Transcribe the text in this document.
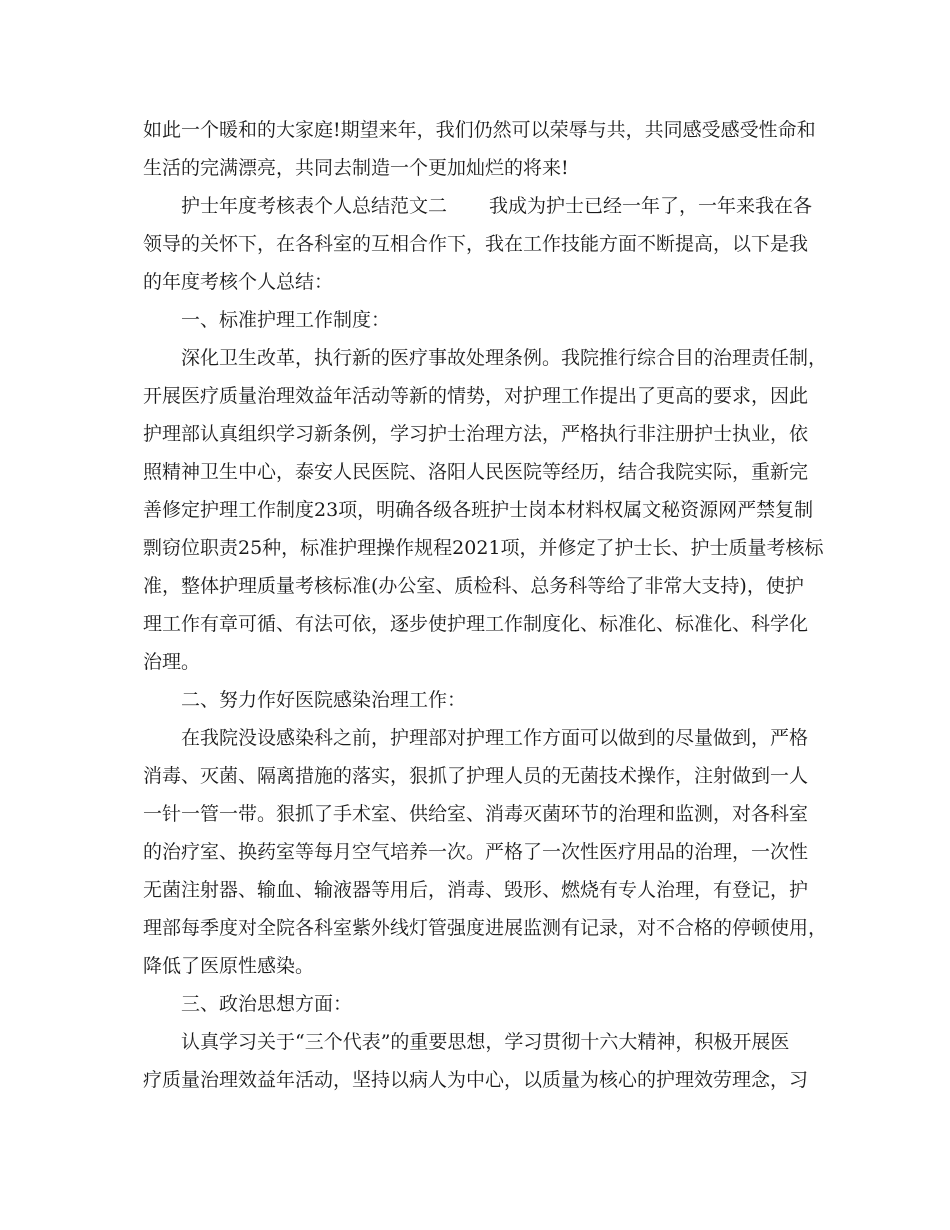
如此一个暖和的大家庭!期望来年，我们仍然可以荣辱与共，共同感受感受性命和

生活的完满漂亮，共同去制造一个更加灿烂的将来!

护士年度考核表个人总结范文二 我成为护士已经一年了，一年来我在各

领导的关怀下，在各科室的互相合作下，我在工作技能方面不断提高，以下是我

的年度考核个人总结：

一、标准护理工作制度：

深化卫生改革，执行新的医疗事故处理条例。我院推行综合目的治理责任制，

开展医疗质量治理效益年活动等新的情势，对护理工作提出了更高的要求，因此

护理部认真组织学习新条例，学习护士治理方法，严格执行非注册护士执业，依

照精神卫生中心，泰安人民医院、洛阳人民医院等经历，结合我院实际，重新完

善修定护理工作制度23项，明确各级各班护士岗本材料权属文秘资源网严禁复制

剽窃位职责25种，标准护理操作规程2021项，并修定了护士长、护士质量考核标

准，整体护理质量考核标准(办公室、质检科、总务科等给了非常大支持)，使护

理工作有章可循、有法可依，逐步使护理工作制度化、标准化、标准化、科学化

治理。

二、努力作好医院感染治理工作：

在我院没设感染科之前，护理部对护理工作方面可以做到的尽量做到，严格

消毒、灭菌、隔离措施的落实，狠抓了护理人员的无菌技术操作，注射做到一人

一针一管一带。狠抓了手术室、供给室、消毒灭菌环节的治理和监测，对各科室

的治疗室、换药室等每月空气培养一次。严格了一次性医疗用品的治理，一次性

无菌注射器、输血、输液器等用后，消毒、毁形、燃烧有专人治理，有登记，护

理部每季度对全院各科室紫外线灯管强度进展监测有记录，对不合格的停顿使用，

降低了医原性感染。

三、政治思想方面：

认真学习关于“三个代表”的重要思想，学习贯彻十六大精神，积极开展医

疗质量治理效益年活动，坚持以病人为中心，以质量为核心的护理效劳理念，习
